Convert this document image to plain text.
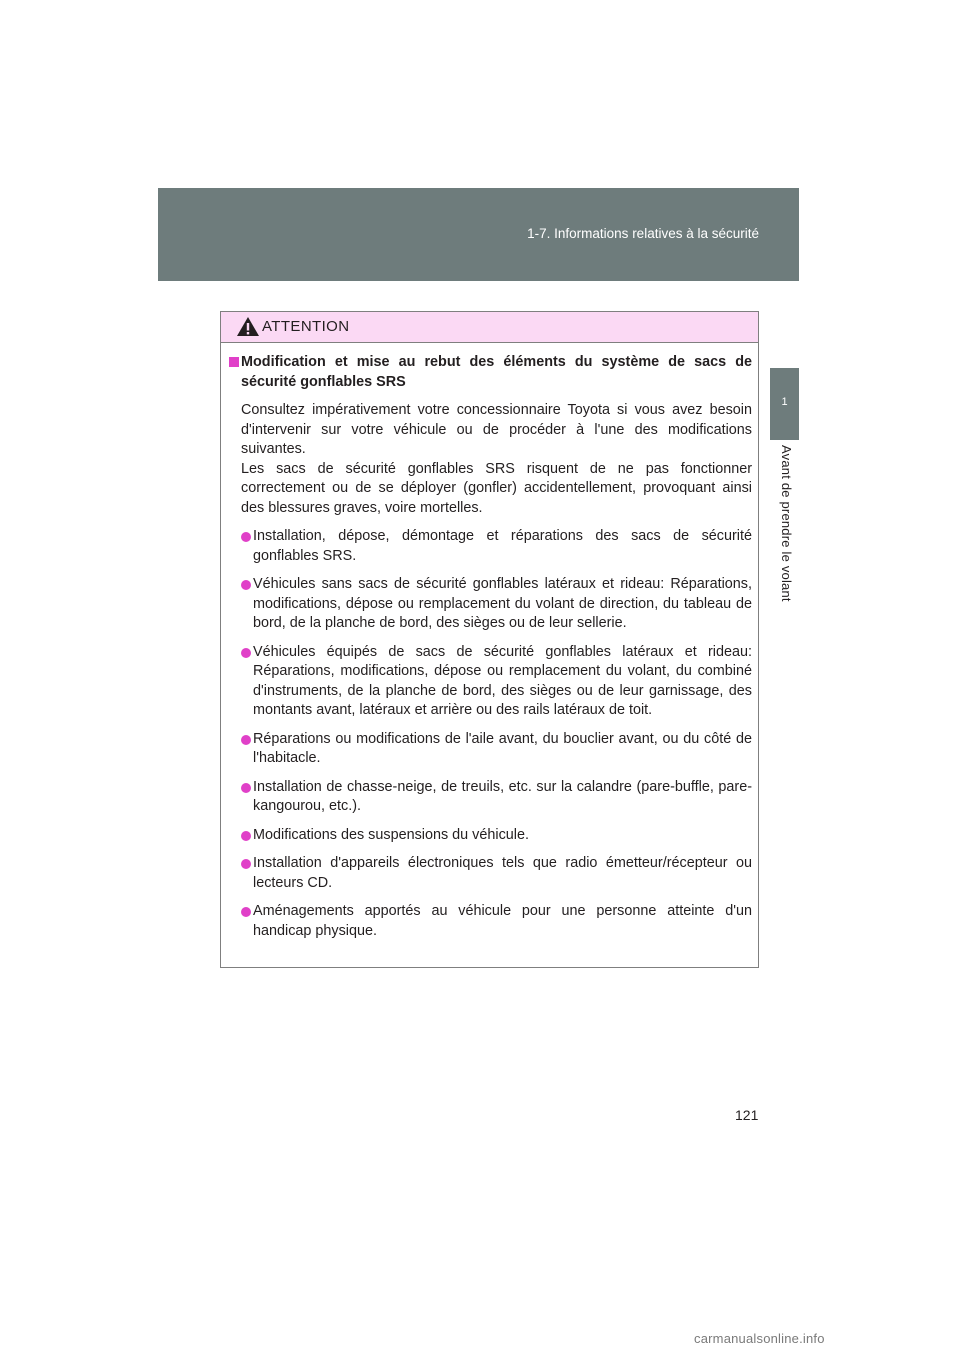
1-7. Informations relatives à la sécurité
1
Avant de prendre le volant
ATTENTION
Modification et mise au rebut des éléments du système de sacs de sécurité gonflables SRS
Consultez impérativement votre concessionnaire Toyota si vous avez besoin d'intervenir sur votre véhicule ou de procéder à l'une des modifications suivantes.
Les sacs de sécurité gonflables SRS risquent de ne pas fonctionner correctement ou de se déployer (gonfler) accidentellement, provoquant ainsi des blessures graves, voire mortelles.
Installation, dépose, démontage et réparations des sacs de sécurité gonflables SRS.
Véhicules sans sacs de sécurité gonflables latéraux et rideau: Réparations, modifications, dépose ou remplacement du volant de direction, du tableau de bord, de la planche de bord, des sièges ou de leur sellerie.
Véhicules équipés de sacs de sécurité gonflables latéraux et rideau: Réparations, modifications, dépose ou remplacement du volant, du combiné d'instruments, de la planche de bord, des sièges ou de leur garnissage, des montants avant, latéraux et arrière ou des rails latéraux de toit.
Réparations ou modifications de l'aile avant, du bouclier avant, ou du côté de l'habitacle.
Installation de chasse-neige, de treuils, etc. sur la calandre (pare-buffle, pare-kangourou, etc.).
Modifications des suspensions du véhicule.
Installation d'appareils électroniques tels que radio émetteur/récepteur ou lecteurs CD.
Aménagements apportés au véhicule pour une personne atteinte d'un handicap physique.
121
carmanualsonline.info
